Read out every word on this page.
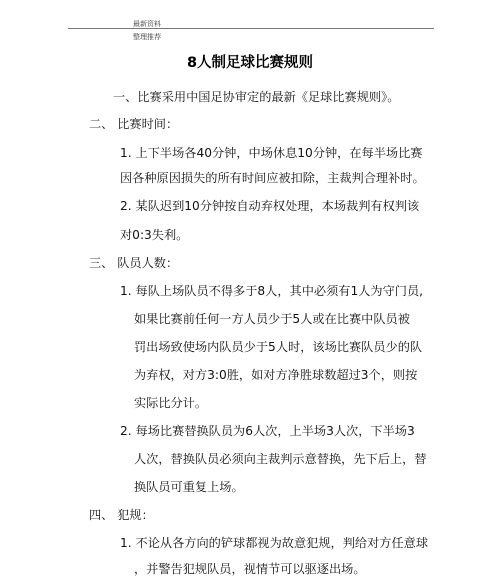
最新资料
整理推荐
8人制足球比赛规则
一、比赛采用中国足协审定的最新《足球比赛规则》。
二、 比赛时间：
1. 上下半场各40分钟，中场休息10分钟，在每半场比赛
因各种原因损失的所有时间应被扣除，主裁判合理补时。
2. 某队迟到10分钟按自动弃权处理，本场裁判有权判该
对0:3失利。
三、 队员人数：
1. 每队上场队员不得多于8人，其中必须有1人为守门员,
如果比赛前任何一方人员少于5人或在比赛中队员被
罚出场致使场内队员少于5人时，该场比赛队员少的队
为弃权，对方3:0胜，如对方净胜球数超过3个，则按
实际比分计。
2. 每场比赛替换队员为6人次，上半场3人次，下半场3
人次，替换队员必须向主裁判示意替换，先下后上，替
换队员可重复上场。
四、 犯规：
1. 不论从各方向的铲球都视为故意犯规，判给对方任意球
，并警告犯规队员，视情节可以驱逐出场。
